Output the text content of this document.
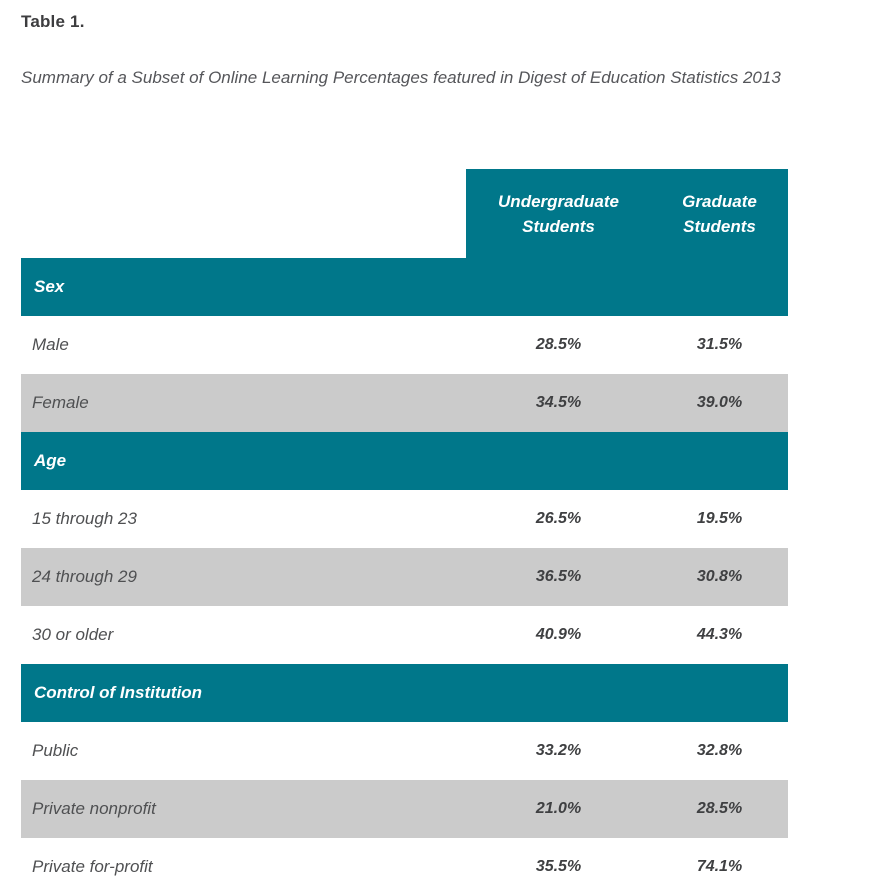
Table 1.

Summary of a Subset of Online Learning Percentages featured in Digest of Education Statistics 2013

	Undergraduate Students	Graduate Students
Sex		
Male	28.5%	31.5%
Female	34.5%	39.0%
Age		
15 through 23	26.5%	19.5%
24 through 29	36.5%	30.8%
30 or older	40.9%	44.3%
Control of Institution		
Public	33.2%	32.8%
Private nonprofit	21.0%	28.5%
Private for-profit	35.5%	74.1%
